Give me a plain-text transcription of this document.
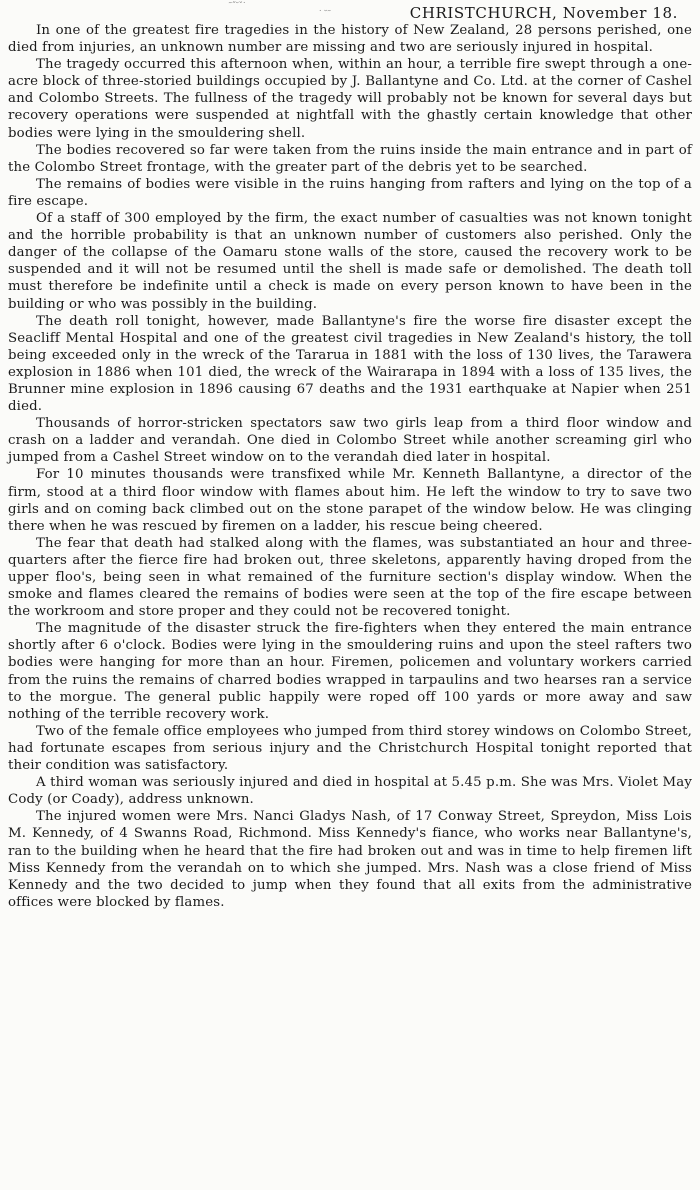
˜˝˘ˇ˙
˙ ˘˜	CHRISTCHURCH, November 18.

In one of the greatest fire tragedies in the history of New Zealand, 28 persons perished, one died from injuries, an unknown number are missing and two are seriously injured in hospital.

The tragedy occurred this afternoon when, within an hour, a terrible fire swept through a one-acre block of three-storied buildings occupied by J. Ballantyne and Co. Ltd. at the corner of Cashel and Colombo Streets. The fullness of the tragedy will probably not be known for several days but recovery operations were suspended at nightfall with the ghastly certain knowledge that other bodies were lying in the smouldering shell.

The bodies recovered so far were taken from the ruins inside the main entrance and in part of the Colombo Street frontage, with the greater part of the debris yet to be searched.

The remains of bodies were visible in the ruins hanging from rafters and lying on the top of a fire escape.

Of a staff of 300 employed by the firm, the exact number of casualties was not known tonight and the horrible probability is that an unknown number of customers also perished. Only the danger of the collapse of the Oamaru stone walls of the store, caused the recovery work to be suspended and it will not be resumed until the shell is made safe or demolished. The death toll must therefore be indefinite until a check is made on every person known to have been in the building or who was possibly in the building.

The death roll tonight, however, made Ballantyne's fire the worse fire disaster except the Seacliff Mental Hospital and one of the greatest civil tragedies in New Zealand's history, the toll being exceeded only in the wreck of the Tararua in 1881 with the loss of 130 lives, the Tarawera explosion in 1886 when 101 died, the wreck of the Wairarapa in 1894 with a loss of 135 lives, the Brunner mine explosion in 1896 causing 67 deaths and the 1931 earthquake at Napier when 251 died.

Thousands of horror-stricken spectators saw two girls leap from a third floor window and crash on a ladder and verandah. One died in Colombo Street while another screaming girl who jumped from a Cashel Street window on to the verandah died later in hospital.

For 10 minutes thousands were transfixed while Mr. Kenneth Ballantyne, a director of the firm, stood at a third floor window with flames about him. He left the window to try to save two girls and on coming back climbed out on the stone parapet of the window below. He was clinging there when he was rescued by firemen on a ladder, his rescue being cheered.

The fear that death had stalked along with the flames, was substantiated an hour and three-quarters after the fierce fire had broken out, three skeletons, apparently having droped from the upper floo's, being seen in what remained of the furniture section's display window. When the smoke and flames cleared the remains of bodies were seen at the top of the fire escape between the workroom and store proper and they could not be recovered tonight.

The magnitude of the disaster struck the fire-fighters when they entered the main entrance shortly after 6 o'clock. Bodies were lying in the smouldering ruins and upon the steel rafters two bodies were hanging for more than an hour. Firemen, policemen and voluntary workers carried from the ruins the remains of charred bodies wrapped in tarpaulins and two hearses ran a service to the morgue. The general public happily were roped off 100 yards or more away and saw nothing of the terrible recovery work.

Two of the female office employees who jumped from third storey windows on Colombo Street, had fortunate escapes from serious injury and the Christchurch Hospital tonight reported that their condition was satisfactory.

A third woman was seriously injured and died in hospital at 5.45 p.m. She was Mrs. Violet May Cody (or Coady), address unknown.

The injured women were Mrs. Nanci Gladys Nash, of 17 Conway Street, Spreydon, Miss Lois M. Kennedy, of 4 Swanns Road, Richmond. Miss Kennedy's fiance, who works near Ballantyne's, ran to the building when he heard that the fire had broken out and was in time to help firemen lift Miss Kennedy from the verandah on to which she jumped. Mrs. Nash was a close friend of Miss Kennedy and the two decided to jump when they found that all exits from the administrative offices were blocked by flames.
